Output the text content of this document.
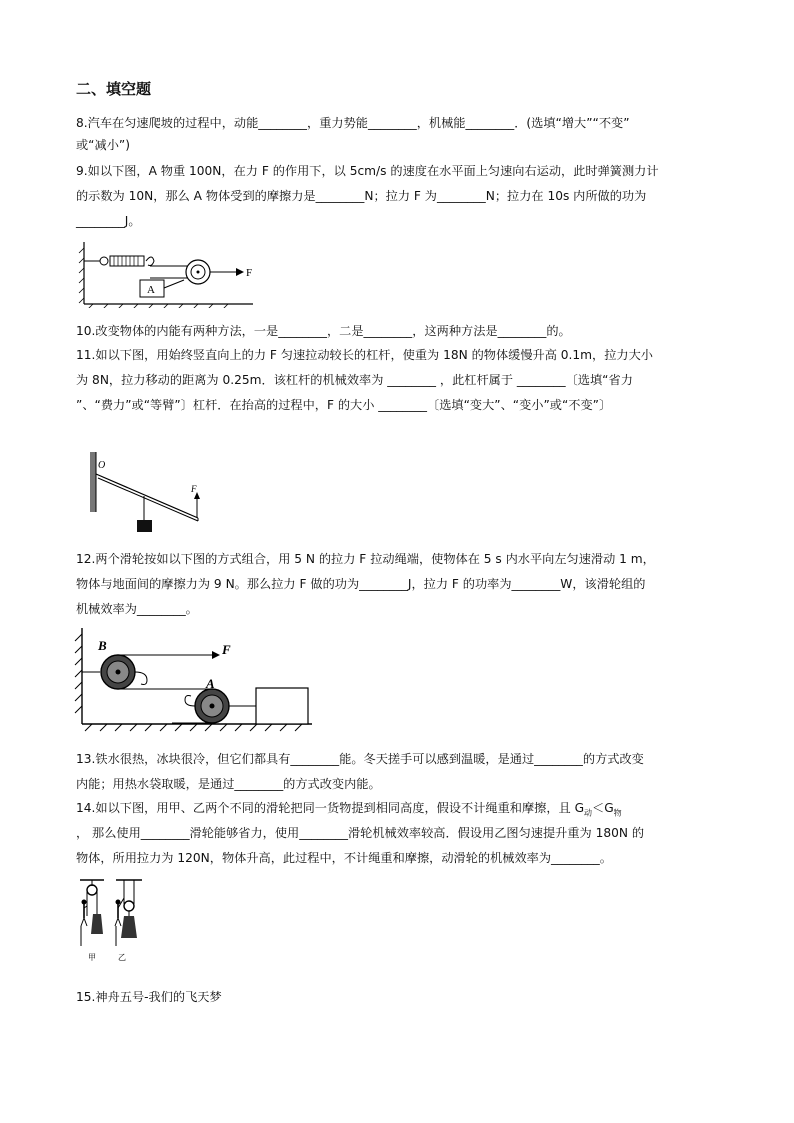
二、填空题
8.汽车在匀速爬坡的过程中，动能________，重力势能________，机械能________．(选填“增大”“不变”
或“减小”)
9.如以下图，A 物重 100N，在力 F 的作用下，以 5cm/s 的速度在水平面上匀速向右运动，此时弹簧测力计
的示数为 10N，那么 A 物体受到的摩擦力是________N；拉力 F 为________N；拉力在 10s 内所做的功为
________J。
A
F
10.改变物体的内能有两种方法，一是________，二是________，这两种方法是________的。
11.如以下图，用始终竖直向上的力 F 匀速拉动较长的杠杆，使重为 18N 的物体缓慢升高 0.1m，拉力大小
为 8N，拉力移动的距离为 0.25m．该杠杆的机械效率为 ________ ，此杠杆属于 ________〔选填“省力
”、“费力”或“等臂”〕杠杆．在抬高的过程中，F 的大小 ________〔选填“变大”、“变小”或“不变”〕
O
F
12.两个滑轮按如以下图的方式组合，用 5 N 的拉力 F 拉动绳端，使物体在 5 s 内水平向左匀速滑动 1 m，
物体与地面间的摩擦力为 9 N。那么拉力 F 做的功为________J，拉力 F 的功率为________W，该滑轮组的
机械效率为________。
B	F
A
13.铁水很热，冰块很冷，但它们都具有________能。冬天搓手可以感到温暖，是通过________的方式改变
内能；用热水袋取暖，是通过________的方式改变内能。
14.如以下图，用甲、乙两个不同的滑轮把同一货物提到相同高度，假设不计绳重和摩擦，且 $G_动<G_物$
， 那么使用________滑轮能够省力，使用________滑轮机械效率较高．假设用乙图匀速提升重为 180N 的
物体，所用拉力为 120N，物体升高，此过程中，不计绳重和摩擦，动滑轮的机械效率为________。
甲	乙
15.神舟五号-我们的飞天梦
